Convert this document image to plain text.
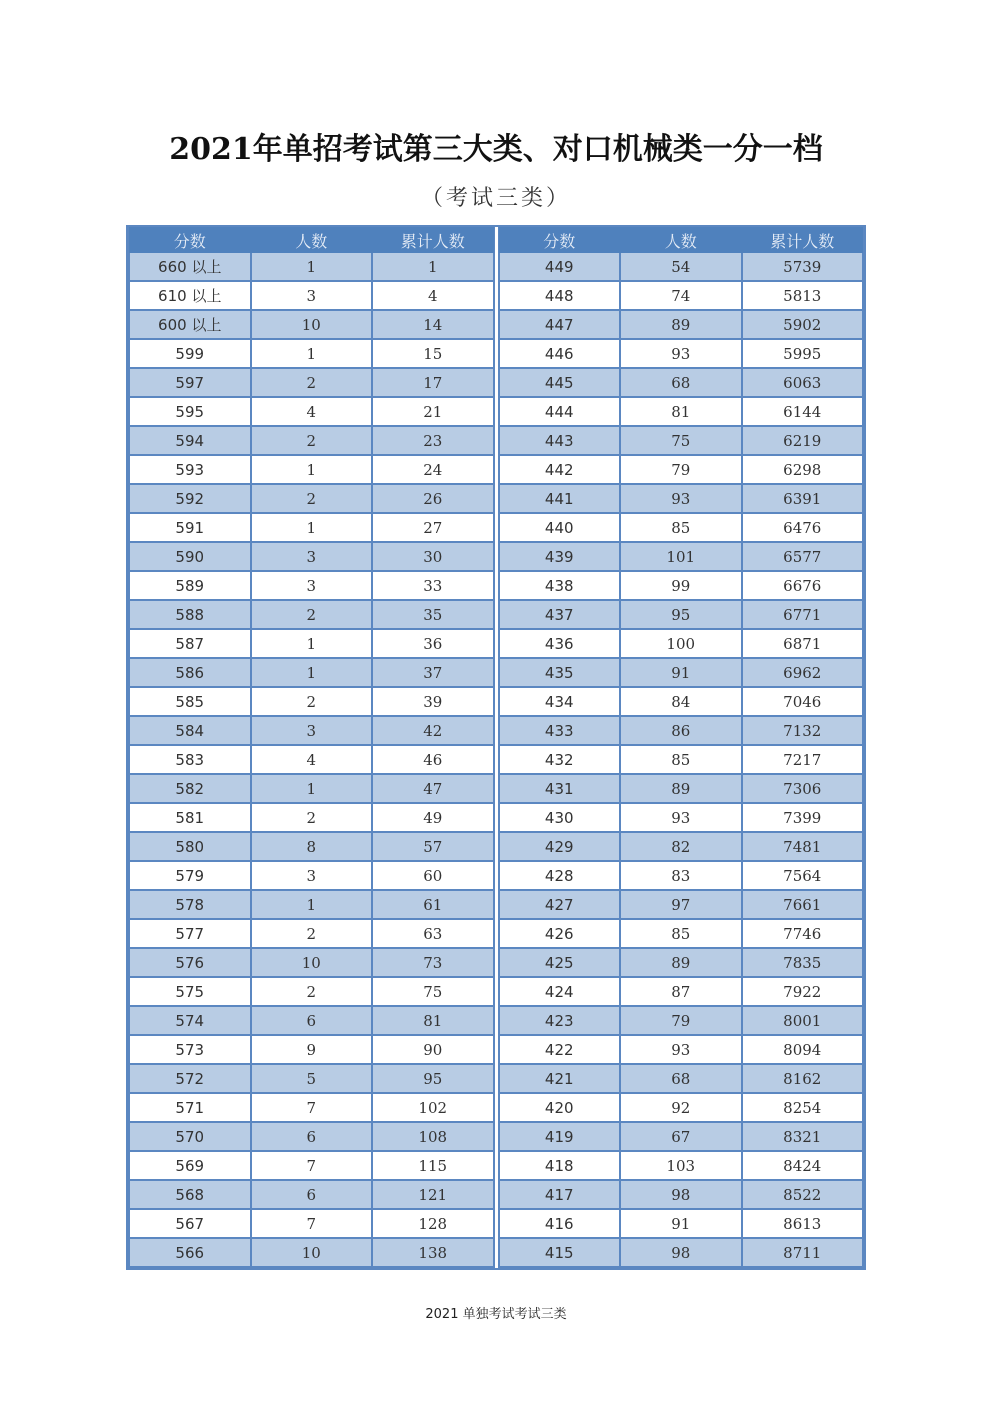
2021年单招考试第三大类、对口机械类一分一档
（考试三类）
分数	人数	累计人数
660 以上	1	1
610 以上	3	4
600 以上	10	14
599	1	15
597	2	17
595	4	21
594	2	23
593	1	24
592	2	26
591	1	27
590	3	30
589	3	33
588	2	35
587	1	36
586	1	37
585	2	39
584	3	42
583	4	46
582	1	47
581	2	49
580	8	57
579	3	60
578	1	61
577	2	63
576	10	73
575	2	75
574	6	81
573	9	90
572	5	95
571	7	102
570	6	108
569	7	115
568	6	121
567	7	128
566	10	138
分数	人数	累计人数
449	54	5739
448	74	5813
447	89	5902
446	93	5995
445	68	6063
444	81	6144
443	75	6219
442	79	6298
441	93	6391
440	85	6476
439	101	6577
438	99	6676
437	95	6771
436	100	6871
435	91	6962
434	84	7046
433	86	7132
432	85	7217
431	89	7306
430	93	7399
429	82	7481
428	83	7564
427	97	7661
426	85	7746
425	89	7835
424	87	7922
423	79	8001
422	93	8094
421	68	8162
420	92	8254
419	67	8321
418	103	8424
417	98	8522
416	91	8613
415	98	8711
2021 单独考试考试三类
